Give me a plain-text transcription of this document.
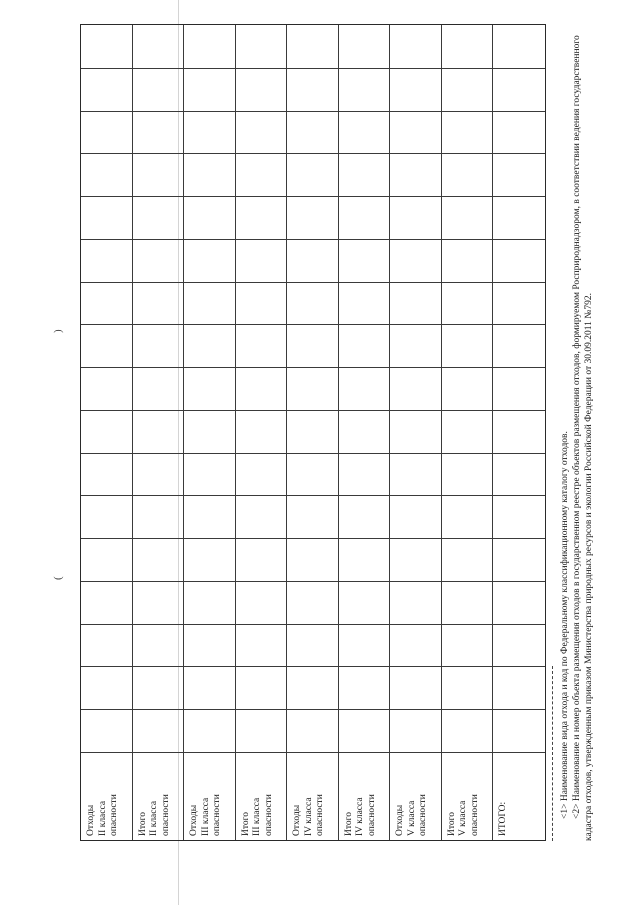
(
)
Отходы II класса опасности Итого II класса опасности Отходы III класса опасности Итого III класса опасности Отходы IV класса опасности Итого IV класса опасности Отходы V класса опасности Итого V класса опасности ИТОГО:	<1> Наименование вида отхода и код по Федеральному классификационному каталогу отходов. <2> Наименование и номер объекта размещения отходов в государственном реестре объектов размещения отходов, формируемом Росприроднадзором, в соответствии ведения государственного кадастра отходов, утвержденным приказом Министерства природных ресурсов и экологии Российской Федерации от 30.09.2011 №792.
